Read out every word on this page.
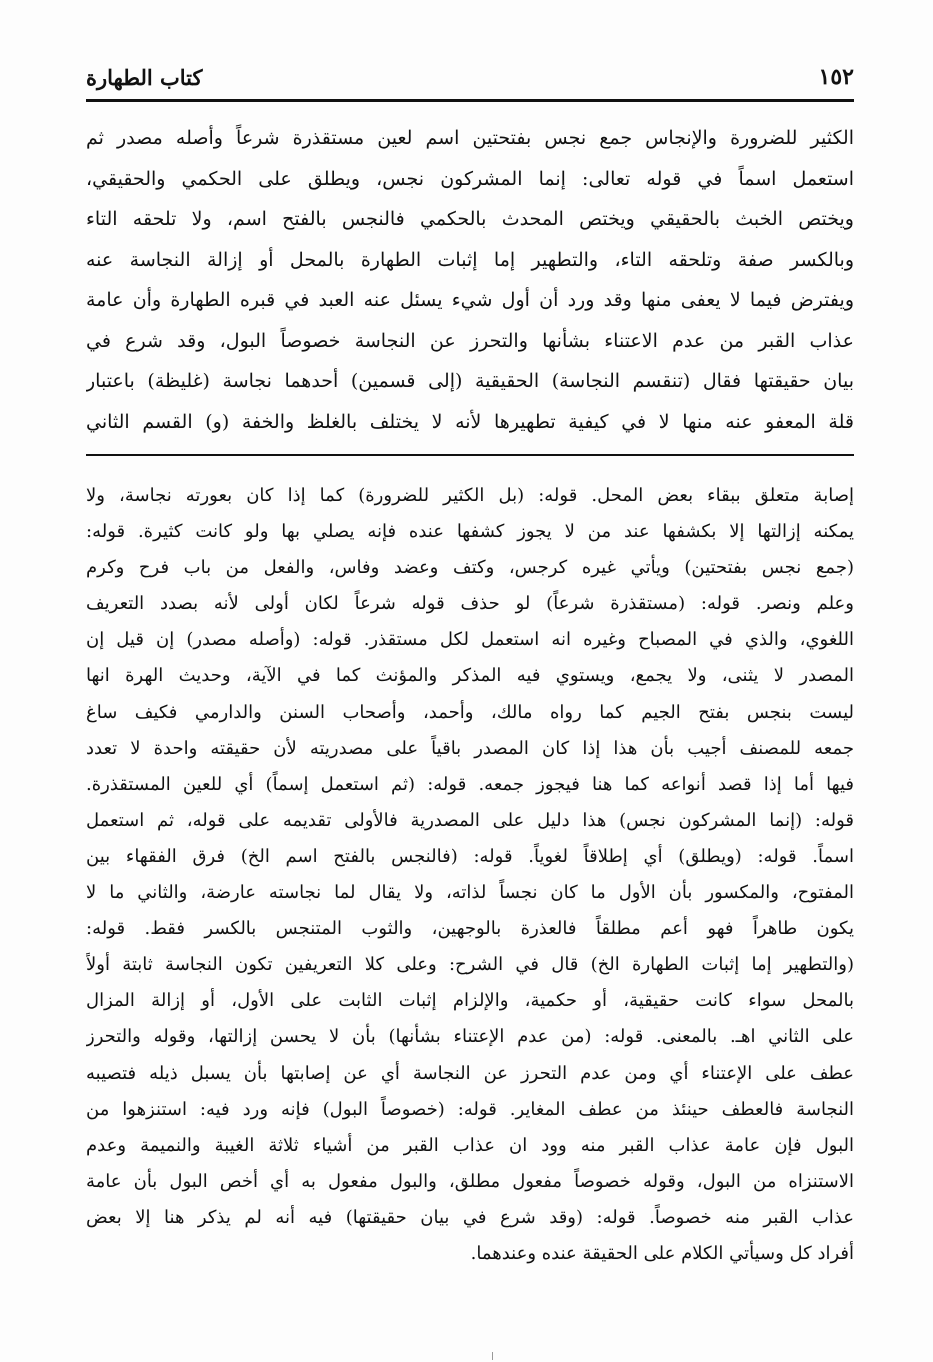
١٥٢
كتاب الطهارة
الكثير للضرورة والإنجاس جمع نجس بفتحتين اسم لعين مستقذرة شرعاً وأصله مصدر ثم
استعمل اسماً في قوله تعالى: إنما المشركون نجس، ويطلق على الحكمي والحقيقي،
ويختص الخبث بالحقيقي ويختص المحدث بالحكمي فالنجس بالفتح اسم، ولا تلحقه التاء
وبالكسر صفة وتلحقه التاء، والتطهير إما إثبات الطهارة بالمحل أو إزالة النجاسة عنه
ويفترض فيما لا يعفى منها وقد ورد أن أول شيء يسئل عنه العبد في قبره الطهارة وأن عامة
عذاب القبر من عدم الاعتناء بشأنها والتحرز عن النجاسة خصوصاً البول، وقد شرع في
بيان حقيقتها فقال (تنقسم النجاسة) الحقيقية (إلى قسمين) أحدهما نجاسة (غليظة) باعتبار
قلة المعفو عنه منها لا في كيفية تطهيرها لأنه لا يختلف بالغلظ والخفة (و) القسم الثاني
إصابة متعلق ببقاء بعض المحل. قوله: (بل الكثير للضرورة) كما إذا كان بعورته نجاسة، ولا
يمكنه إزالتها إلا بكشفها عند من لا يجوز كشفها عنده فإنه يصلي بها ولو كانت كثيرة. قوله:
(جمع نجس بفتحتين) ويأتي غيره كرجس، وكتف وعضد وفاس، والفعل من باب فرح وكرم
وعلم ونصر. قوله: (مستقذرة شرعاً) لو حذف قوله شرعاً لكان أولى لأنه بصدد التعريف
اللغوي، والذي في المصباح وغيره انه استعمل لكل مستقذر. قوله: (وأصله مصدر) إن قيل إن
المصدر لا يثنى، ولا يجمع، ويستوي فيه المذكر والمؤنث كما في الآية، وحديث الهرة انها
ليست بنجس بفتح الجيم كما رواه مالك، وأحمد، وأصحاب السنن والدارمي فكيف ساغ
جمعه للمصنف أجيب بأن هذا إذا كان المصدر باقياً على مصدريته لأن حقيقته واحدة لا تعدد
فيها أما إذا قصد أنواعه كما هنا فيجوز جمعه. قوله: (ثم استعمل إسماً) أي للعين المستقذرة.
قوله: (إنما المشركون نجس) هذا دليل على المصدرية فالأولى تقديمه على قوله، ثم استعمل
اسماً. قوله: (ويطلق) أي إطلاقاً لغوياً. قوله: (فالنجس بالفتح اسم الخ) فرق الفقهاء بين
المفتوح، والمكسور بأن الأول ما كان نجساً لذاته، ولا يقال لما نجاسته عارضة، والثاني ما لا
يكون طاهراً فهو أعم مطلقاً فالعذرة بالوجهين، والثوب المتنجس بالكسر فقط. قوله:
(والتطهير إما إثبات الطهارة الخ) قال في الشرح: وعلى كلا التعريفين تكون النجاسة ثابتة أولاً
بالمحل سواء كانت حقيقية، أو حكمية، والإلزام إثبات الثابت على الأول، أو إزالة المزال
على الثاني اهـ. بالمعنى. قوله: (من عدم الإعتناء بشأنها) بأن لا يحسن إزالتها، وقوله والتحرز
عطف على الإعتناء أي ومن عدم التحرز عن النجاسة أي عن إصابتها بأن يسبل ذيله فتصيبه
النجاسة فالعطف حينئذ من عطف المغاير. قوله: (خصوصاً البول) فإنه ورد فيه: استنزهوا من
البول فإن عامة عذاب القبر منه وود ان عذاب القبر من أشياء ثلاثة الغيبة والنميمة وعدم
الاستنزاه من البول، وقوله خصوصاً مفعول مطلق، والبول مفعول به أي أخص البول بأن عامة
عذاب القبر منه خصوصاً. قوله: (وقد شرع في بيان حقيقتها) فيه أنه لم يذكر هنا إلا بعض
أفراد كل وسيأتي الكلام على الحقيقة عنده وعندهما.
